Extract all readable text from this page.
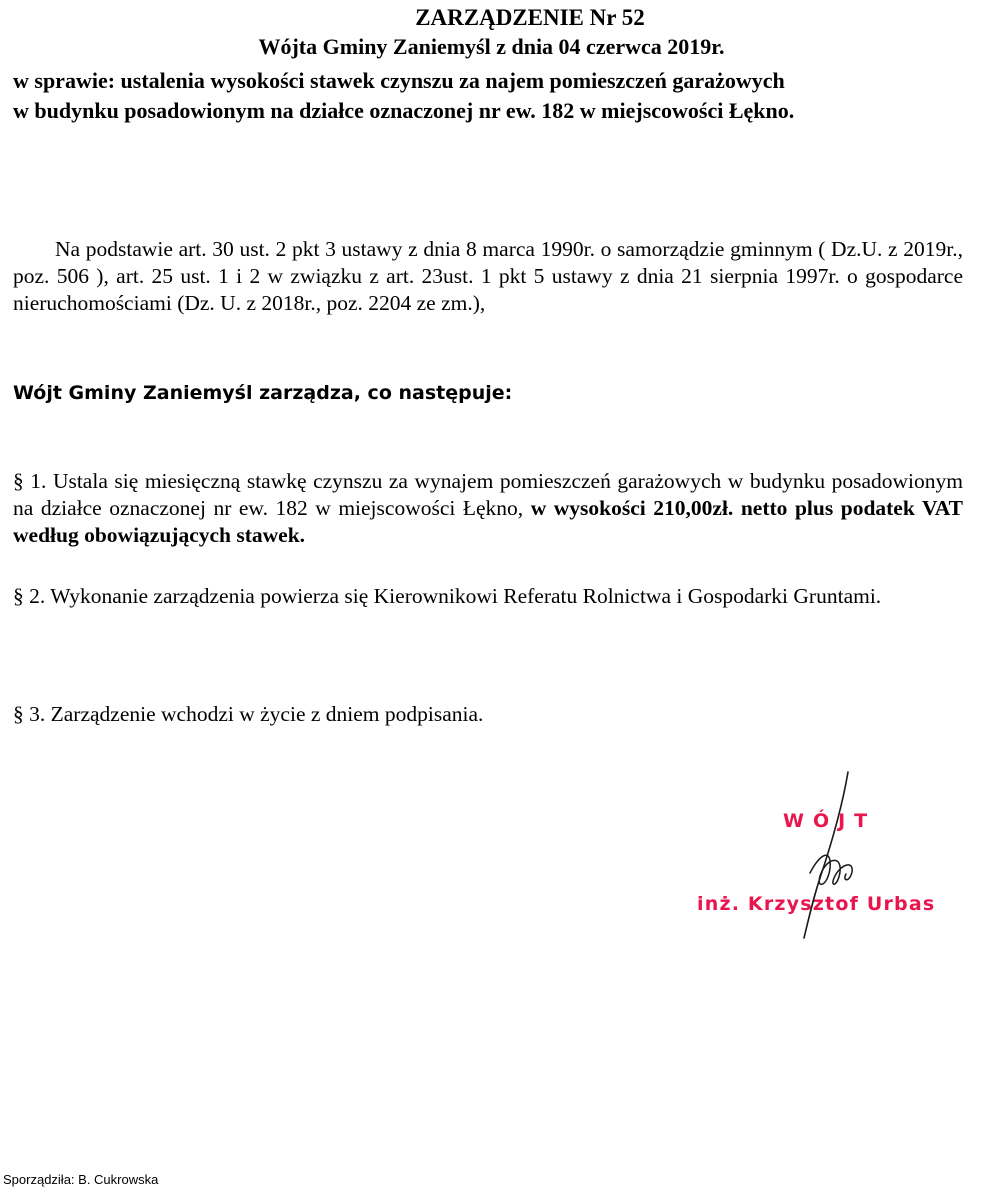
ZARZĄDZENIE Nr 52
Wójta Gminy Zaniemyśl z dnia 04 czerwca 2019r.
w sprawie: ustalenia wysokości stawek czynszu za najem pomieszczeń garażowych
w budynku posadowionym na działce oznaczonej nr ew. 182 w miejscowości Łękno.
Na podstawie art. 30 ust. 2 pkt 3 ustawy z dnia 8 marca 1990r. o samorządzie gminnym ( Dz.U. z 2019r., poz. 506 ), art. 25 ust. 1 i 2 w związku z art. 23ust. 1 pkt 5 ustawy z dnia 21 sierpnia 1997r. o gospodarce nieruchomościami (Dz. U. z 2018r., poz. 2204 ze zm.),
Wójt Gminy Zaniemyśl zarządza, co następuje:
§ 1. Ustala się miesięczną stawkę czynszu za wynajem pomieszczeń garażowych w budynku posadowionym na działce oznaczonej nr ew. 182 w miejscowości Łękno, w wysokości 210,00zł. netto plus podatek VAT według obowiązujących stawek.
§ 2. Wykonanie zarządzenia powierza się Kierownikowi Referatu Rolnictwa i Gospodarki Gruntami.
§ 3. Zarządzenie wchodzi w życie z dniem podpisania.
WÓJT
inż. Krzysztof Urbas
Sporządziła: B. Cukrowska
